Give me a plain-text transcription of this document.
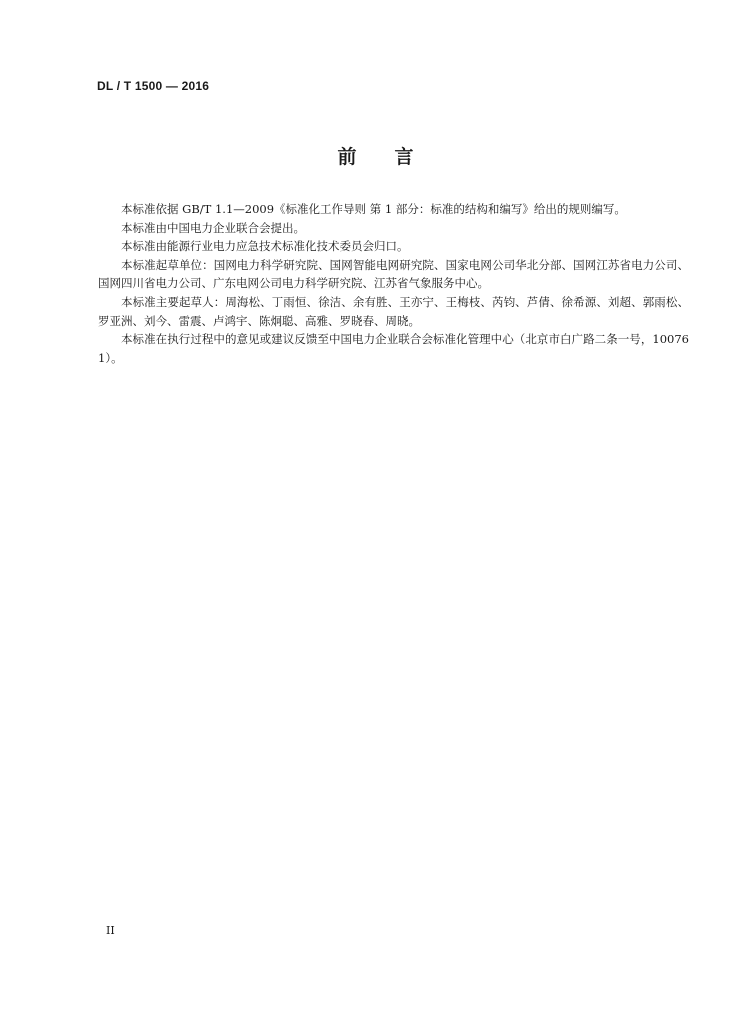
DL / T 1500 — 2016
前 言

本标准依据 GB/T 1.1—2009《标准化工作导则 第 1 部分：标准的结构和编写》给出的规则编写。

本标准由中国电力企业联合会提出。

本标准由能源行业电力应急技术标准化技术委员会归口。

本标准起草单位：国网电力科学研究院、国网智能电网研究院、国家电网公司华北分部、国网江苏省电力公司、国网四川省电力公司、广东电网公司电力科学研究院、江苏省气象服务中心。

本标准主要起草人：周海松、丁雨恒、徐洁、余有胜、王亦宁、王梅枝、芮钧、芦倩、徐希源、刘超、郭雨松、罗亚洲、刘今、雷震、卢鸿宇、陈炯聪、高雅、罗晓春、周晓。

本标准在执行过程中的意见或建议反馈至中国电力企业联合会标准化管理中心（北京市白广路二条一号，100761）。

II
